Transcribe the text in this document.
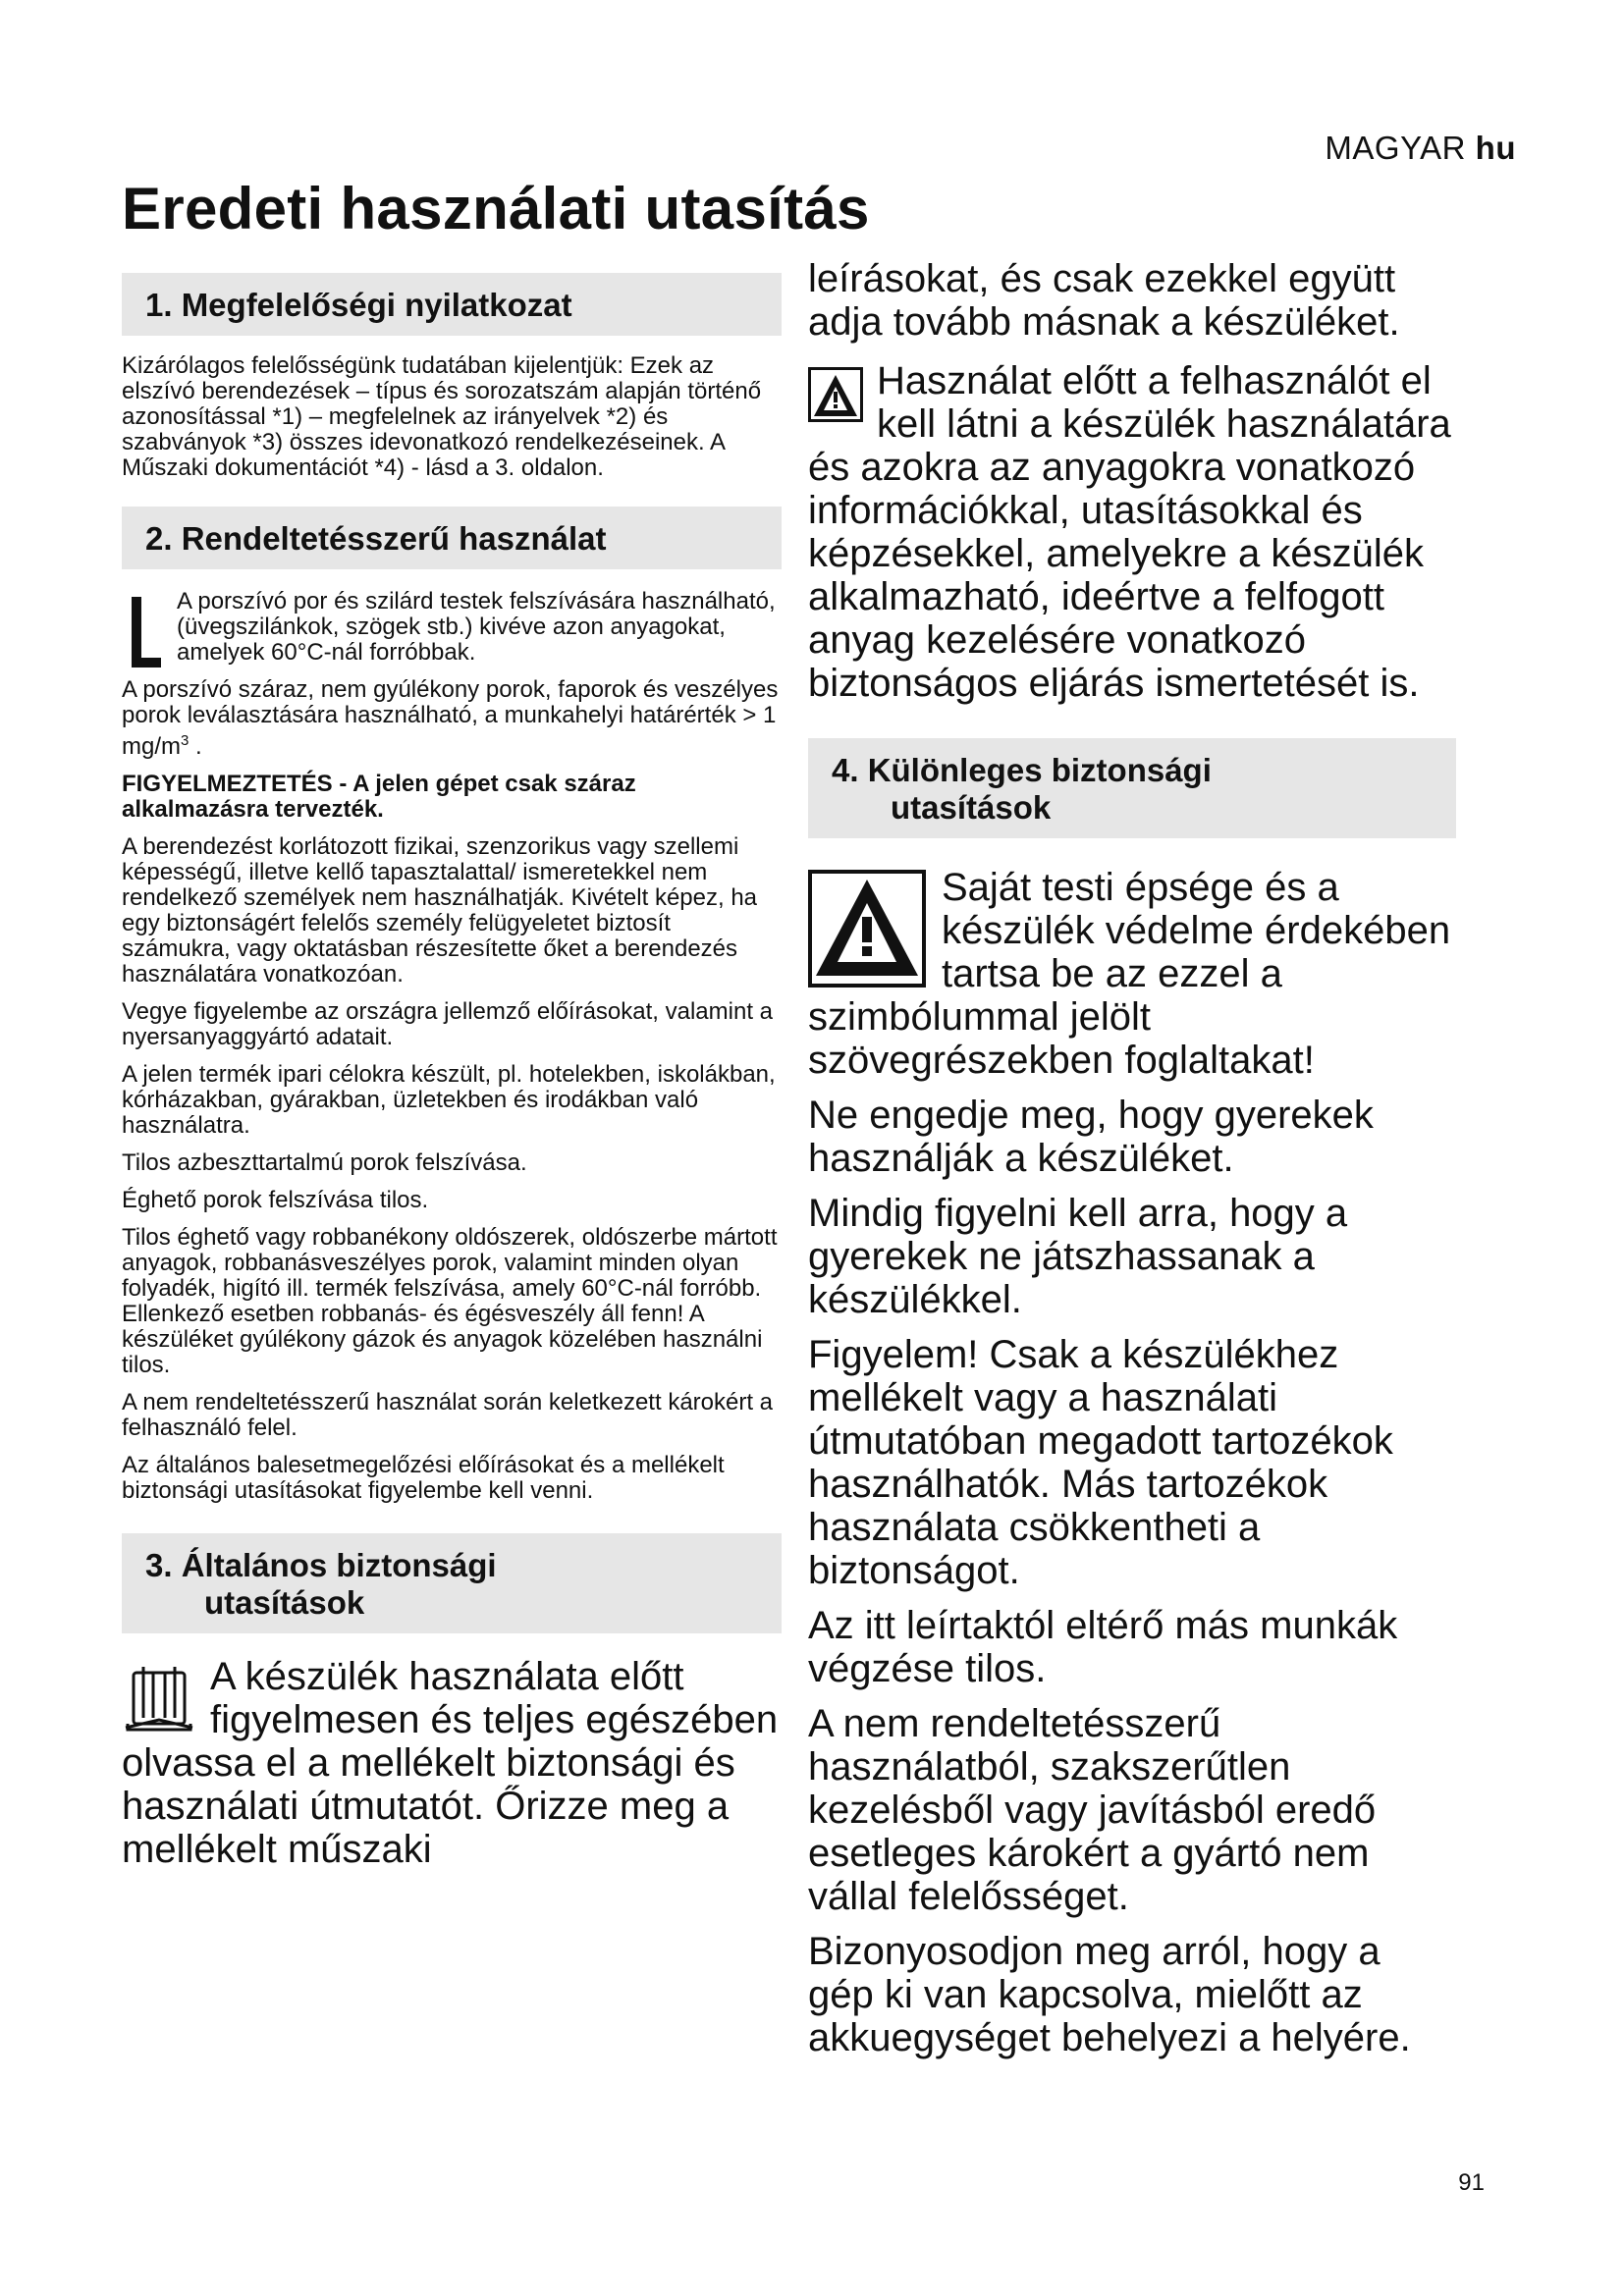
MAGYAR hu
Eredeti használati utasítás
1. Megfelelőségi nyilatkozat

Kizárólagos felelősségünk tudatában kijelentjük: Ezek az elszívó berendezések – típus és sorozatszám alapján történő azonosítással *1) – megfelelnek az irányelvek *2) és szabványok *3) összes idevonatkozó rendelkezéseinek. A Műszaki dokumentációt *4) - lásd a 3. oldalon.

2. Rendeltetésszerű használat

A porszívó por és szilárd testek felszívására használható, (üvegszilánkok, szögek stb.) kivéve azon anyagokat, amelyek 60°C-nál forróbbak.

A porszívó száraz, nem gyúlékony porok, faporok és veszélyes porok leválasztására használható, a munkahelyi határérték > 1 $mg/m^3$ .

FIGYELMEZTETÉS - A jelen gépet csak száraz alkalmazásra tervezték.

A berendezést korlátozott fizikai, szenzorikus vagy szellemi képességű, illetve kellő tapasztalattal/ ismeretekkel nem rendelkező személyek nem használhatják. Kivételt képez, ha egy biztonságért felelős személy felügyeletet biztosít számukra, vagy oktatásban részesítette őket a berendezés használatára vonatkozóan.

Vegye figyelembe az országra jellemző előírásokat, valamint a nyersanyaggyártó adatait.

A jelen termék ipari célokra készült, pl. hotelekben, iskolákban, kórházakban, gyárakban, üzletekben és irodákban való használatra.

Tilos azbeszttartalmú porok felszívása.

Éghető porok felszívása tilos.

Tilos éghető vagy robbanékony oldószerek, oldószerbe mártott anyagok, robbanásveszélyes porok, valamint minden olyan folyadék, higító ill. termék felszívása, amely 60°C-nál forróbb. Ellenkező esetben robbanás- és égésveszély áll fenn! A készüléket gyúlékony gázok és anyagok közelében használni tilos.

A nem rendeltetésszerű használat során keletkezett károkért a felhasználó felel.

Az általános balesetmegelőzési előírásokat és a mellékelt biztonsági utasításokat figyelembe kell venni.

3. Általános biztonsági
utasítások

A készülék használata előtt figyelmesen és teljes egészében olvassa el a mellékelt biztonsági és használati útmutatót. Őrizze meg a mellékelt műszaki

leírásokat, és csak ezekkel együtt adja tovább másnak a készüléket.

Használat előtt a felhasználót el kell látni a készülék használatára és azokra az anyagokra vonatkozó információkkal, utasításokkal és képzésekkel, amelyekre a készülék alkalmazható, ideértve a felfogott anyag kezelésére vonatkozó biztonságos eljárás ismertetését is.

4. Különleges biztonsági
utasítások

Saját testi épsége és a készülék védelme érdekében tartsa be az ezzel a szimbólummal jelölt szövegrészekben foglaltakat!

Ne engedje meg, hogy gyerekek használják a készüléket.

Mindig figyelni kell arra, hogy a gyerekek ne játszhassanak a készülékkel.

Figyelem! Csak a készülékhez mellékelt vagy a használati útmutatóban megadott tartozékok használhatók. Más tartozékok használata csökkentheti a biztonságot.

Az itt leírtaktól eltérő más munkák végzése tilos.

A nem rendeltetésszerű használatból, szakszerűtlen kezelésből vagy javításból eredő esetleges károkért a gyártó nem vállal felelősséget.

Bizonyosodjon meg arról, hogy a gép ki van kapcsolva, mielőtt az akkuegységet behelyezi a helyére.

91
